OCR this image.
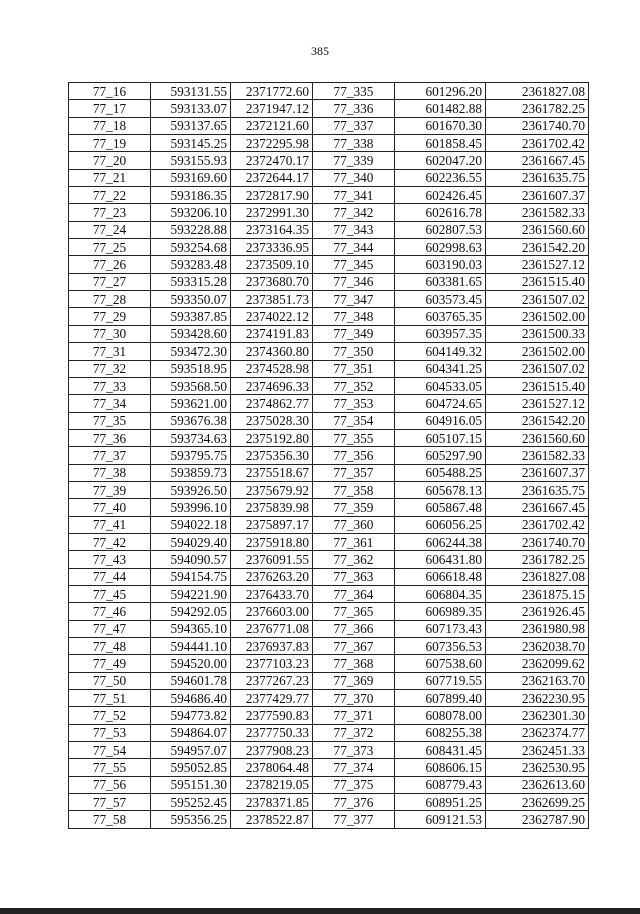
385
77_16	593131.55	2371772.60	77_335	601296.20	2361827.08
77_17	593133.07	2371947.12	77_336	601482.88	2361782.25
77_18	593137.65	2372121.60	77_337	601670.30	2361740.70
77_19	593145.25	2372295.98	77_338	601858.45	2361702.42
77_20	593155.93	2372470.17	77_339	602047.20	2361667.45
77_21	593169.60	2372644.17	77_340	602236.55	2361635.75
77_22	593186.35	2372817.90	77_341	602426.45	2361607.37
77_23	593206.10	2372991.30	77_342	602616.78	2361582.33
77_24	593228.88	2373164.35	77_343	602807.53	2361560.60
77_25	593254.68	2373336.95	77_344	602998.63	2361542.20
77_26	593283.48	2373509.10	77_345	603190.03	2361527.12
77_27	593315.28	2373680.70	77_346	603381.65	2361515.40
77_28	593350.07	2373851.73	77_347	603573.45	2361507.02
77_29	593387.85	2374022.12	77_348	603765.35	2361502.00
77_30	593428.60	2374191.83	77_349	603957.35	2361500.33
77_31	593472.30	2374360.80	77_350	604149.32	2361502.00
77_32	593518.95	2374528.98	77_351	604341.25	2361507.02
77_33	593568.50	2374696.33	77_352	604533.05	2361515.40
77_34	593621.00	2374862.77	77_353	604724.65	2361527.12
77_35	593676.38	2375028.30	77_354	604916.05	2361542.20
77_36	593734.63	2375192.80	77_355	605107.15	2361560.60
77_37	593795.75	2375356.30	77_356	605297.90	2361582.33
77_38	593859.73	2375518.67	77_357	605488.25	2361607.37
77_39	593926.50	2375679.92	77_358	605678.13	2361635.75
77_40	593996.10	2375839.98	77_359	605867.48	2361667.45
77_41	594022.18	2375897.17	77_360	606056.25	2361702.42
77_42	594029.40	2375918.80	77_361	606244.38	2361740.70
77_43	594090.57	2376091.55	77_362	606431.80	2361782.25
77_44	594154.75	2376263.20	77_363	606618.48	2361827.08
77_45	594221.90	2376433.70	77_364	606804.35	2361875.15
77_46	594292.05	2376603.00	77_365	606989.35	2361926.45
77_47	594365.10	2376771.08	77_366	607173.43	2361980.98
77_48	594441.10	2376937.83	77_367	607356.53	2362038.70
77_49	594520.00	2377103.23	77_368	607538.60	2362099.62
77_50	594601.78	2377267.23	77_369	607719.55	2362163.70
77_51	594686.40	2377429.77	77_370	607899.40	2362230.95
77_52	594773.82	2377590.83	77_371	608078.00	2362301.30
77_53	594864.07	2377750.33	77_372	608255.38	2362374.77
77_54	594957.07	2377908.23	77_373	608431.45	2362451.33
77_55	595052.85	2378064.48	77_374	608606.15	2362530.95
77_56	595151.30	2378219.05	77_375	608779.43	2362613.60
77_57	595252.45	2378371.85	77_376	608951.25	2362699.25
77_58	595356.25	2378522.87	77_377	609121.53	2362787.90
